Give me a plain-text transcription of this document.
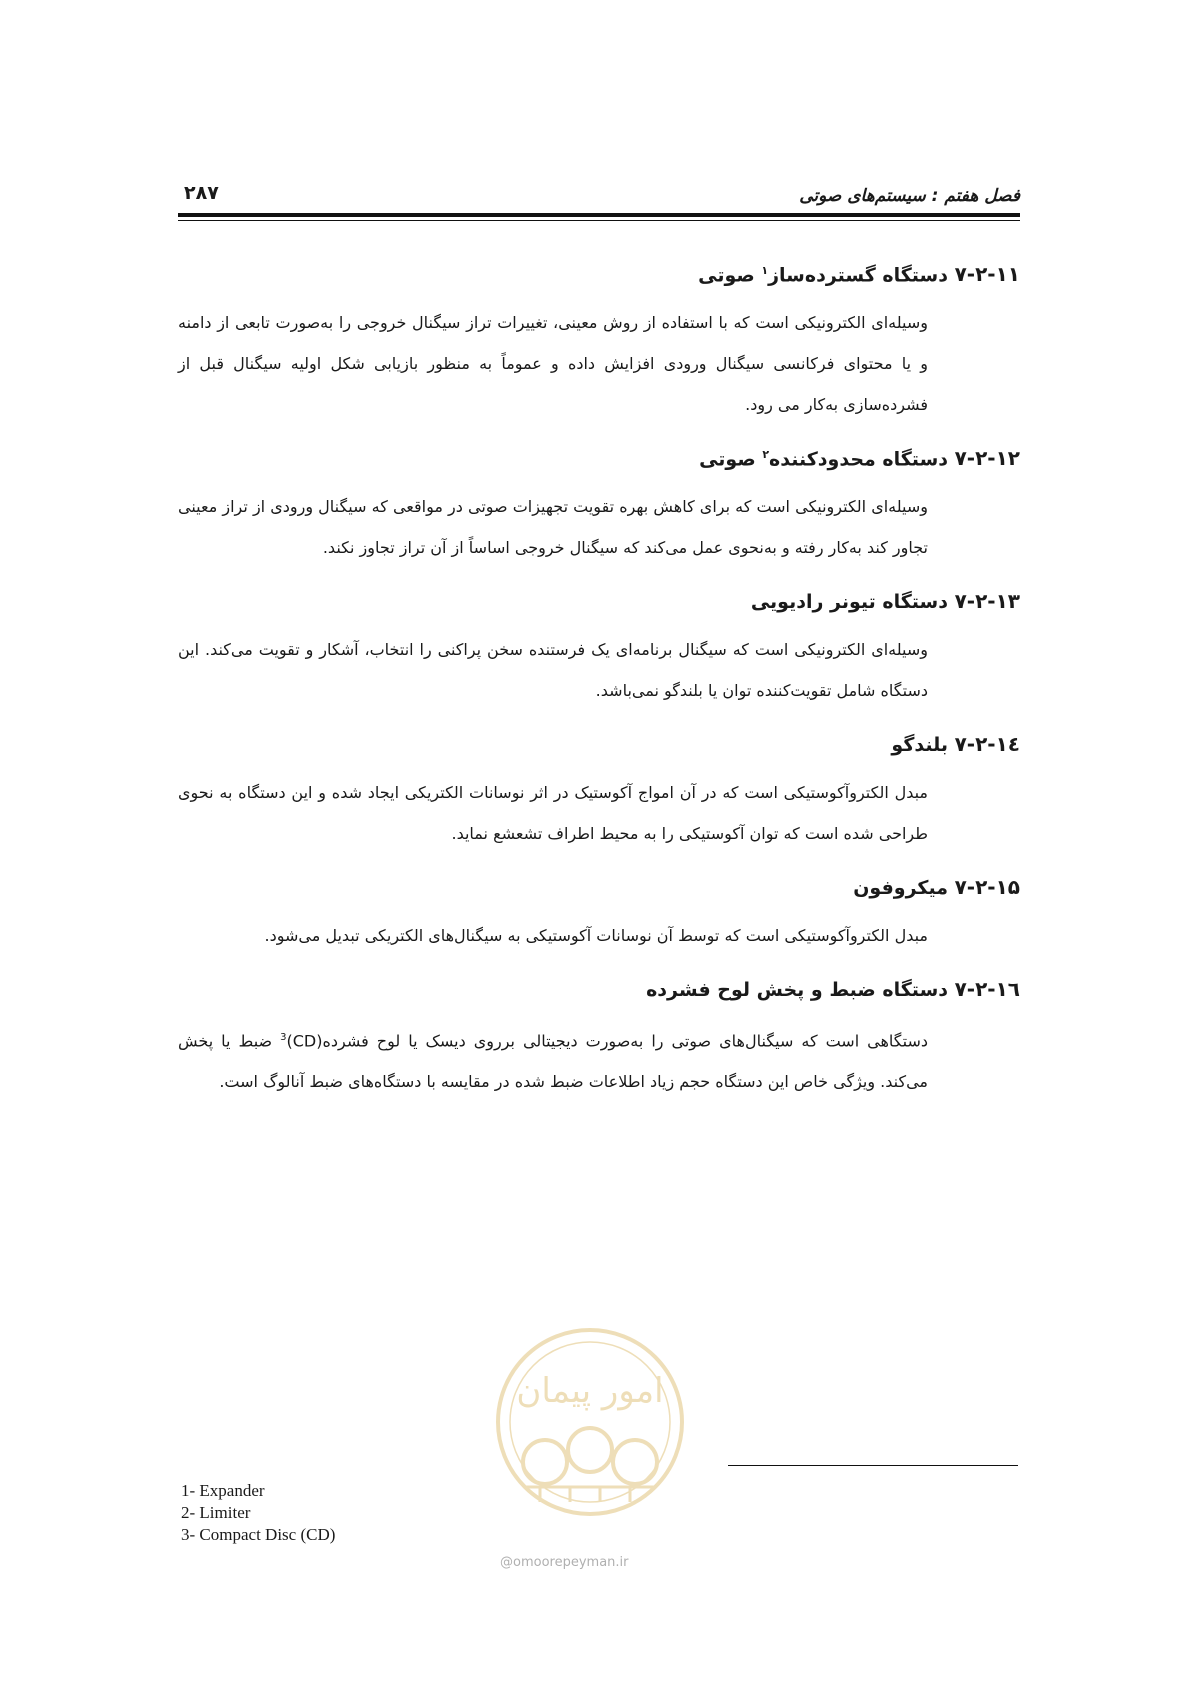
فصل هفتم : سیستم‌های صوتی
۲۸۷
۷-۲-۱۱
دستگاه گسترده‌ساز$^۱$ صوتی
وسیله‌ای الکترونیکی است که با استفاده از روش معینی، تغییرات تراز سیگنال خروجی را به‌صورت تابعی از دامنه و یا محتوای فرکانسی سیگنال ورودی افزایش داده و عموماً به منظور بازیابی شکل اولیه سیگنال قبل از فشرده‌سازی به‌کار می رود.
۷-۲-۱۲
دستگاه محدودکننده$^۲$ صوتی
وسیله‌ای الکترونیکی است که برای کاهش بهره تقویت تجهیزات صوتی در مواقعی که سیگنال ورودی از تراز معینی تجاور کند به‌کار رفته و به‌نحوی عمل می‌کند که سیگنال خروجی اساساً از آن تراز تجاوز نکند.
۷-۲-۱۳
دستگاه تیونر رادیویی
وسیله‌ای الکترونیکی است که سیگنال برنامه‌ای یک فرستنده سخن پراکنی را انتخاب، آشکار و تقویت می‌کند. این دستگاه شامل تقویت‌کننده توان یا بلندگو نمی‌باشد.
۷-۲-۱٤
بلندگو
مبدل الکتروآکوستیکی است که در آن امواج آکوستیک در اثر نوسانات الکتریکی ایجاد شده و این دستگاه به نحوی طراحی شده است که توان آکوستیکی را به محیط اطراف تشعشع نماید.
۷-۲-۱۵
میکروفون
مبدل الکتروآکوستیکی است که توسط آن نوسانات آکوستیکی به سیگنال‌های الکتریکی تبدیل می‌شود.
۷-۲-۱٦
دستگاه ضبط و پخش لوح فشرده
دستگاهی است که سیگنال‌های صوتی را به‌صورت دیجیتالی برروی دیسک یا لوح فشرده(CD)$^3$ ضبط یا پخش می‌کند. ویژگی خاص این دستگاه حجم زیاد اطلاعات ضبط شده در مقایسه با دستگاه‌های ضبط آنالوگ است.
امور پیمان
@omoorepeyman.ir
1- Expander
2- Limiter
3- Compact Disc (CD)
